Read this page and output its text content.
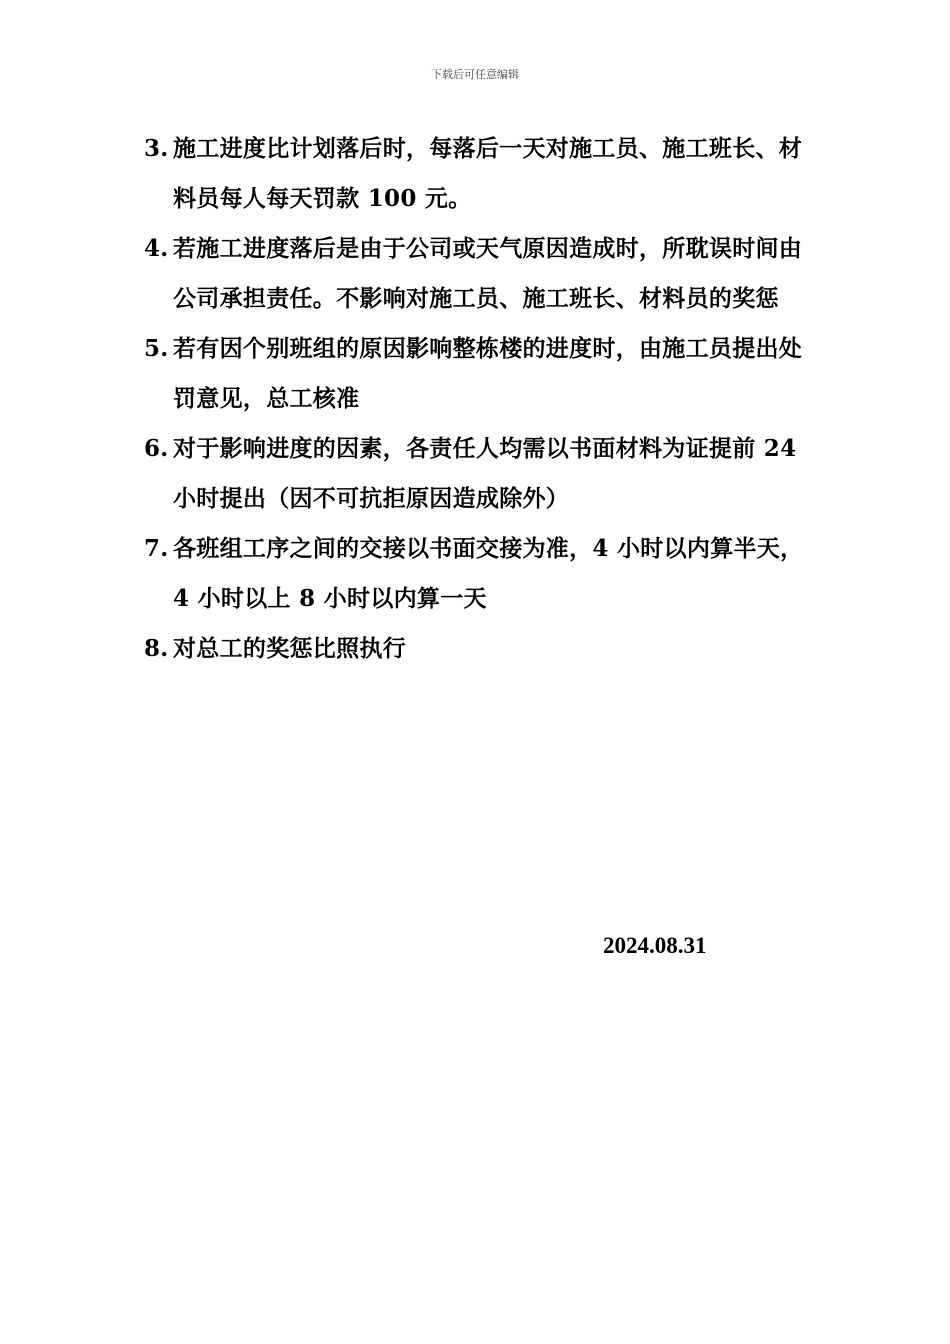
下载后可任意编辑
3. 施工进度比计划落后时，每落后一天对施工员、施工班长、材料员每人每天罚款 100 元。
4. 若施工进度落后是由于公司或天气原因造成时，所耽误时间由公司承担责任。不影响对施工员、施工班长、材料员的奖惩
5. 若有因个别班组的原因影响整栋楼的进度时，由施工员提出处罚意见，总工核准
6. 对于影响进度的因素，各责任人均需以书面材料为证提前 24 小时提出（因不可抗拒原因造成除外）
7. 各班组工序之间的交接以书面交接为准，4 小时以内算半天，4 小时以上 8 小时以内算一天
8. 对总工的奖惩比照执行
2024.08.31
